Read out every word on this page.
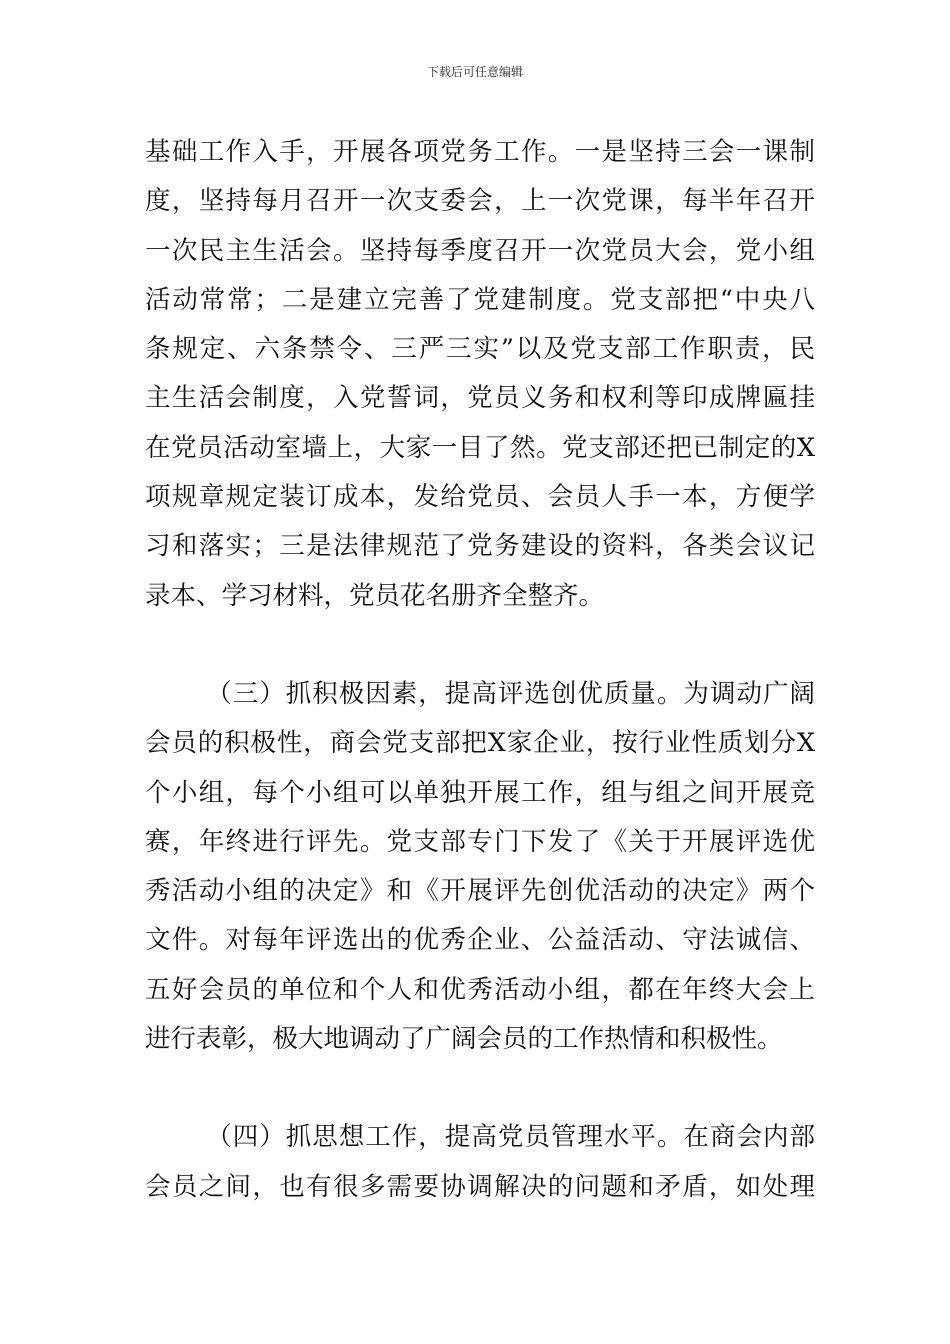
下载后可任意编辑

基础工作入手，开展各项党务工作。一是坚持三会一课制
度，坚持每月召开一次支委会，上一次党课，每半年召开
一次民主生活会。坚持每季度召开一次党员大会，党小组
活动常常；二是建立完善了党建制度。党支部把“中央八
条规定、六条禁令、三严三实”以及党支部工作职责，民
主生活会制度，入党誓词，党员义务和权利等印成牌匾挂
在党员活动室墙上，大家一目了然。党支部还把已制定的X
项规章规定装订成本，发给党员、会员人手一本，方便学
习和落实；三是法律规范了党务建设的资料，各类会议记
录本、学习材料，党员花名册齐全整齐。

（三）抓积极因素，提高评选创优质量。为调动广阔
会员的积极性，商会党支部把X家企业，按行业性质划分X
个小组，每个小组可以单独开展工作，组与组之间开展竞
赛，年终进行评先。党支部专门下发了《关于开展评选优
秀活动小组的决定》和《开展评先创优活动的决定》两个
文件。对每年评选出的优秀企业、公益活动、守法诚信、
五好会员的单位和个人和优秀活动小组，都在年终大会上
进行表彰，极大地调动了广阔会员的工作热情和积极性。

（四）抓思想工作，提高党员管理水平。在商会内部
会员之间，也有很多需要协调解决的问题和矛盾，如处理
